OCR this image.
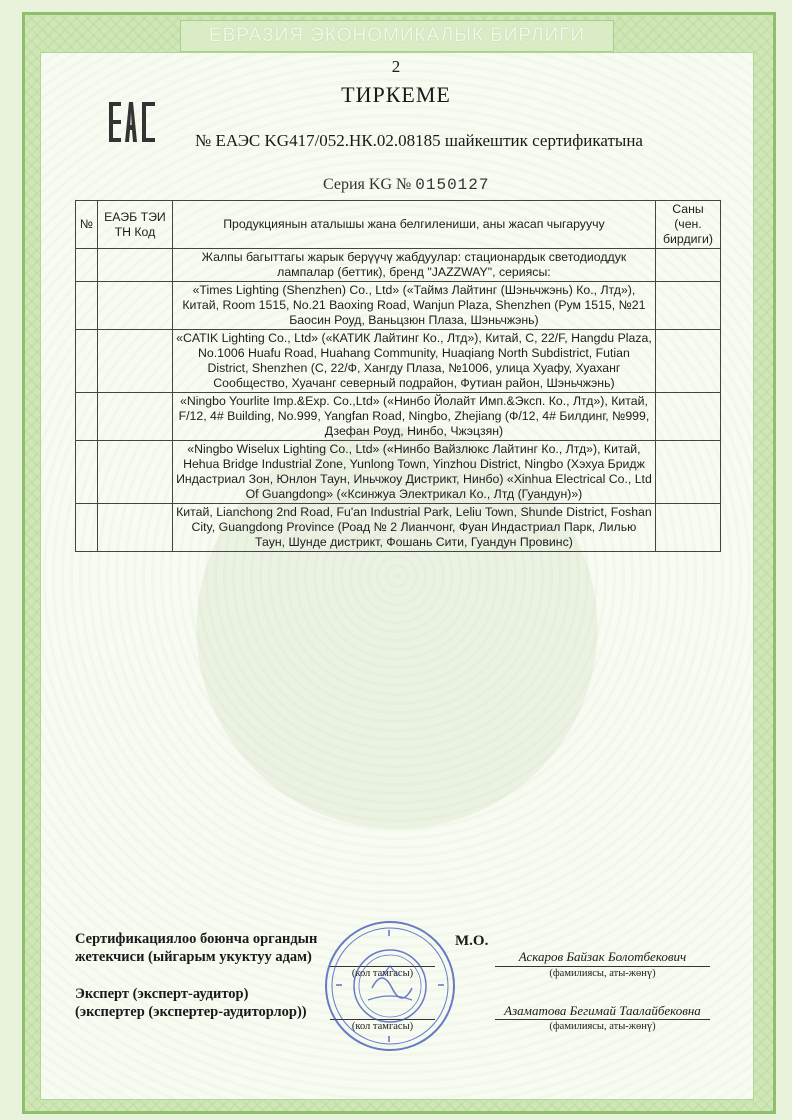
ЕВРАЗИЯ ЭКОНОМИКАЛЫК БИРЛИГИ
2
ТИРКЕМЕ
№ ЕАЭС KG417/052.НК.02.08185 шайкештик сертификатына
Серия KG № 0150127
№	ЕАЭБ ТЭИ ТН Код	Продукциянын аталышы жана белгилениши, аны жасап чыгаруучу	Саны (чен. бирдиги)
		Жалпы багыттагы жарык берүүчү жабдуулар: стационардык светодиоддук лампалар (беттик), бренд "JAZZWAY", сериясы:	
		«Times Lighting (Shenzhen) Co., Ltd» («Таймз Лайтинг (Шэньчжэнь) Ко., Лтд»), Китай, Room 1515, No.21 Baoxing Road, Wanjun Plaza, Shenzhen (Рум 1515, №21 Баосин Роуд, Ваньцзюн Плаза, Шэньчжэнь)	
		«CATIK Lighting Co., Ltd» («КАТИК Лайтинг Ко., Лтд»), Китай, C, 22/F, Hangdu Plaza, No.1006 Huafu Road, Huahang Community, Huaqiang North Subdistrict, Futian District, Shenzhen (C, 22/Ф, Хангду Плаза, №1006, улица Хуафу, Хуаханг Сообщество, Хуачанг северный подрайон, Футиан район, Шэньчжэнь)	
		«Ningbo Yourlite Imp.&Exp. Co.,Ltd» («Нинбо Йолайт Имп.&Эксп. Ко., Лтд»), Китай, F/12, 4# Building, No.999, Yangfan Road, Ningbo, Zhejiang (Ф/12, 4# Билдинг, №999, Дзефан Роуд, Нинбо, Чжэцзян)	
		«Ningbo Wiselux Lighting Co., Ltd» («Нинбо Вайзлюкс Лайтинг Ко., Лтд»), Китай, Hehua Bridge Industrial Zone, Yunlong Town, Yinzhou District, Ningbo (Хэхуа Бридж Индастриал Зон, Юнлон Таун, Иньчжоу Дистрикт, Нинбо) «Xinhua Electrical Co., Ltd Of Guangdong» («Ксинжуа Электрикал Ко., Лтд (Гуандун)»)	
		Китай, Lianchong 2nd Road, Fu'an Industrial Park, Leliu Town, Shunde District, Foshan City, Guangdong Province (Роад № 2 Лианчонг, Фуан Индастриал Парк, Лилью Таун, Шунде дистрикт, Фошань Сити, Гуандун Провинс)	
Сертификациялоо боюнча органдын
жетекчиси (ыйгарым укуктуу адам)
Эксперт (эксперт-аудитор)
(экспертер (экспертер-аудиторлор))
М.О.
(кол тамгасы)
Аскаров Байзак Болотбекович
(фамилиясы, аты-жөнү)
(кол тамгасы)
Азаматова Бегимай Таалайбековна
(фамилиясы, аты-жөнү)
